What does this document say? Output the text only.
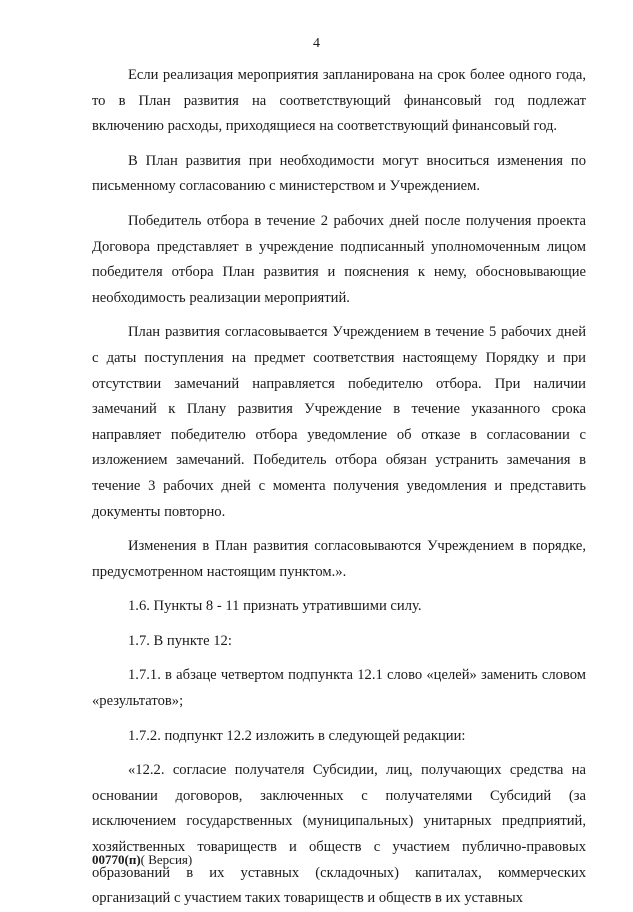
4

Если реализация мероприятия запланирована на срок более одного года, то в План развития на соответствующий финансовый год подлежат включению расходы, приходящиеся на соответствующий финансовый год.

В План развития при необходимости могут вноситься изменения по письменному согласованию с министерством и Учреждением.

Победитель отбора в течение 2 рабочих дней после получения проекта Договора представляет в учреждение подписанный уполномоченным лицом победителя отбора План развития и пояснения к нему, обосновывающие необходимость реализации мероприятий.

План развития согласовывается Учреждением в течение 5 рабочих дней с даты поступления на предмет соответствия настоящему Порядку и при отсутствии замечаний направляется победителю отбора. При наличии замечаний к Плану развития Учреждение в течение указанного срока направляет победителю отбора уведомление об отказе в согласовании с изложением замечаний. Победитель отбора обязан устранить замечания в течение 3 рабочих дней с момента получения уведомления и представить документы повторно.

Изменения в План развития согласовываются Учреждением в порядке, предусмотренном настоящим пунктом.».

1.6. Пункты 8 - 11 признать утратившими силу.

1.7. В пункте 12:

1.7.1. в абзаце четвертом подпункта 12.1 слово «целей» заменить словом «результатов»;

1.7.2. подпункт 12.2 изложить в следующей редакции:

«12.2. согласие получателя Субсидии, лиц, получающих средства на основании договоров, заключенных с получателями Субсидий (за исключением государственных (муниципальных) унитарных предприятий, хозяйственных товариществ и обществ с участием публично-правовых образований в их уставных (складочных) капиталах, коммерческих организаций с участием таких товариществ и обществ в их уставных

00770(п)( Версия)
